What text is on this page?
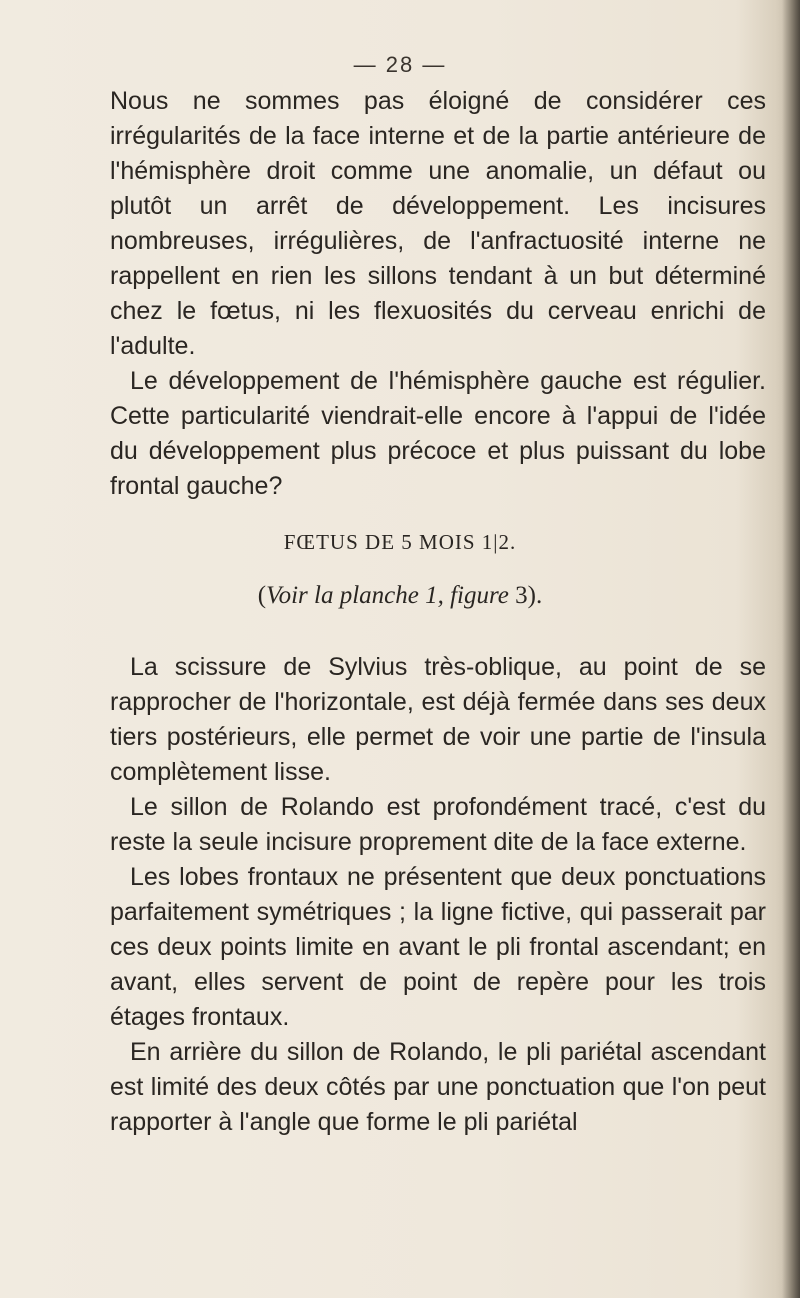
— 28 —

Nous ne sommes pas éloigné de considérer ces irrégularités de la face interne et de la partie antérieure de l'hémisphère droit comme une anomalie, un défaut ou plutôt un arrêt de développement. Les incisures nombreuses, irrégulières, de l'anfractuosité interne ne rappellent en rien les sillons tendant à un but déterminé chez le fœtus, ni les flexuosités du cerveau enrichi de l'adulte.

Le développement de l'hémisphère gauche est régulier. Cette particularité viendrait-elle encore à l'appui de l'idée du développement plus précoce et plus puissant du lobe frontal gauche?

FŒTUS DE 5 MOIS 1|2.
(Voir la planche 1, figure 3).

La scissure de Sylvius très-oblique, au point de se rapprocher de l'horizontale, est déjà fermée dans ses deux tiers postérieurs, elle permet de voir une partie de l'insula complètement lisse.

Le sillon de Rolando est profondément tracé, c'est du reste la seule incisure proprement dite de la face externe.

Les lobes frontaux ne présentent que deux ponctuations parfaitement symétriques ; la ligne fictive, qui passerait par ces deux points limite en avant le pli frontal ascendant; en avant, elles servent de point de repère pour les trois étages frontaux.

En arrière du sillon de Rolando, le pli pariétal ascendant est limité des deux côtés par une ponctuation que l'on peut rapporter à l'angle que forme le pli pariétal
